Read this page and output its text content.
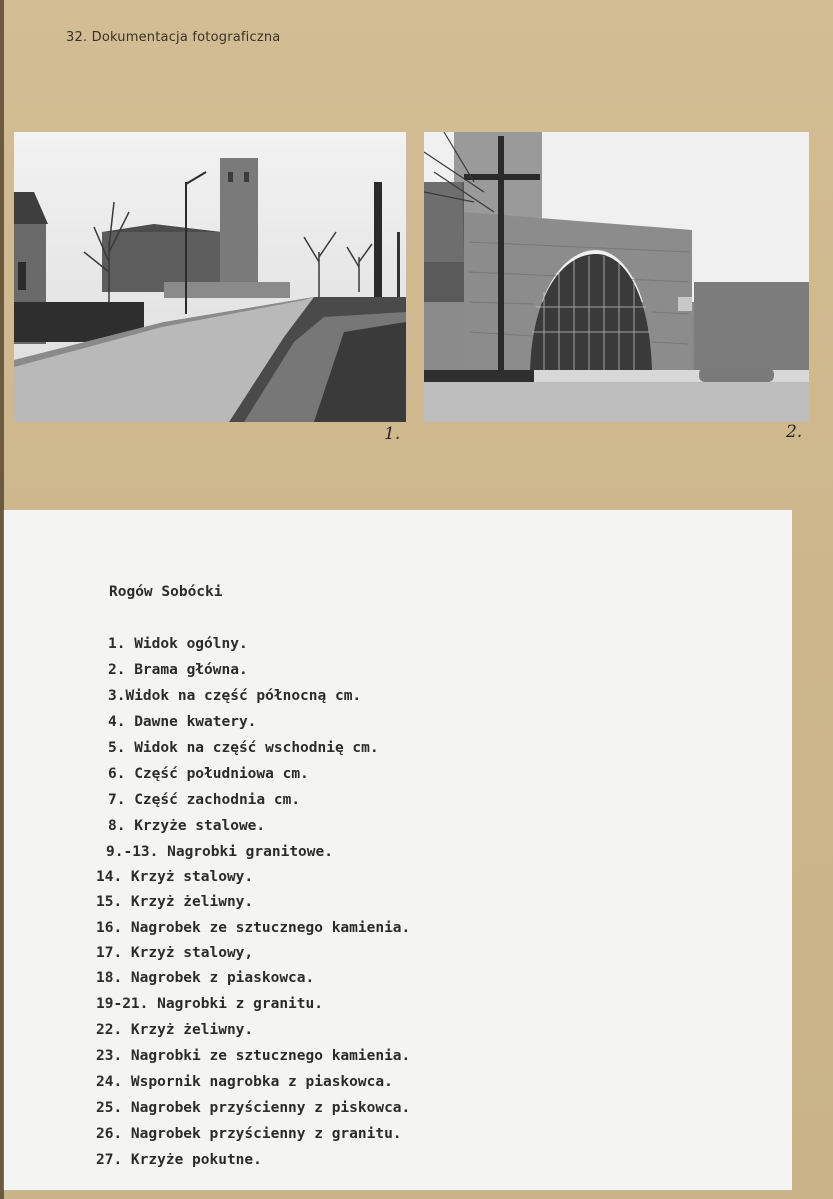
32. Dokumentacja fotograficzna
1.	2.
Rogów Sobócki
1. Widok ogólny.
2. Brama główna.
3.Widok na część północną cm.
4. Dawne kwatery.
5. Widok na część wschodnię cm.
6. Część południowa cm.
7. Część zachodnia cm.
8. Krzyże stalowe.
9.-13. Nagrobki granitowe.
14. Krzyż stalowy.
15. Krzyż żeliwny.
16. Nagrobek ze sztucznego kamienia.
17. Krzyż stalowy,
18. Nagrobek z piaskowca.
19-21. Nagrobki z granitu.
22. Krzyż żeliwny.
23. Nagrobki ze sztucznego kamienia.
24. Wspornik nagrobka z piaskowca.
25. Nagrobek przyścienny z piskowca.
26. Nagrobek przyścienny z granitu.
27. Krzyże pokutne.
